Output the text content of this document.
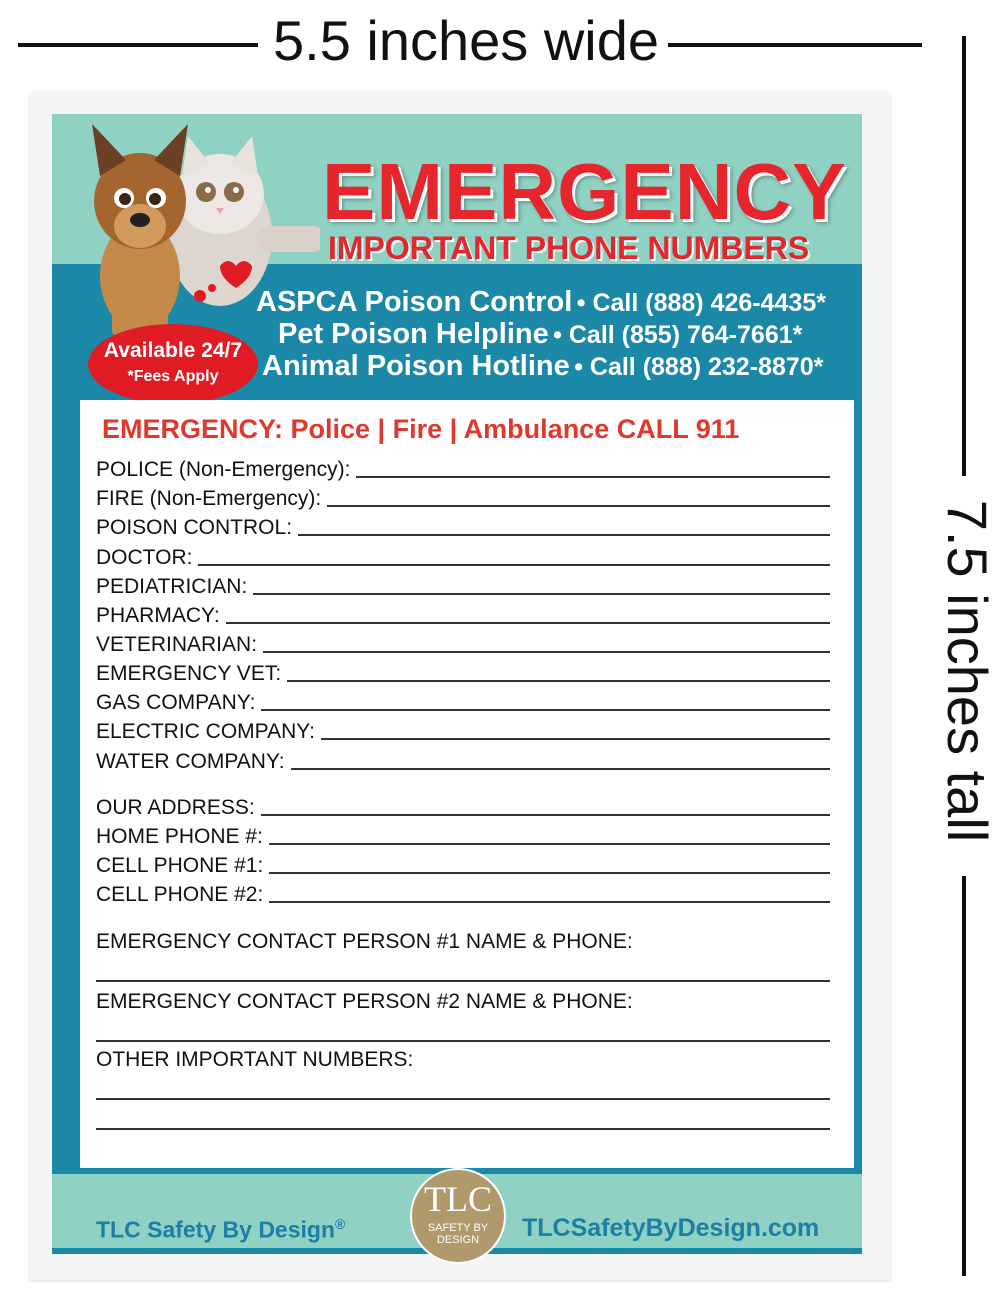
5.5 inches wide
7.5 inches tall
EMERGENCY
IMPORTANT PHONE NUMBERS
ASPCA Poison Control • Call (888) 426-4435*
Pet Poison Helpline • Call (855) 764-7661*
Animal Poison Hotline • Call (888) 232-8870*
Available 24/7
*Fees Apply
EMERGENCY: Police | Fire | Ambulance CALL 911
POLICE (Non-Emergency):
FIRE (Non-Emergency):
POISON CONTROL:
DOCTOR:
PEDIATRICIAN:
PHARMACY:
VETERINARIAN:
EMERGENCY VET:
GAS COMPANY:
ELECTRIC COMPANY:
WATER COMPANY:
OUR ADDRESS:
HOME PHONE #:
CELL PHONE #1:
CELL PHONE #2:
EMERGENCY CONTACT PERSON #1 NAME & PHONE:
EMERGENCY CONTACT PERSON #2 NAME & PHONE:
OTHER IMPORTANT NUMBERS:
TLC Safety By Design®	TLCSafetyByDesign.com
TLC
SAFETY BY DESIGN
